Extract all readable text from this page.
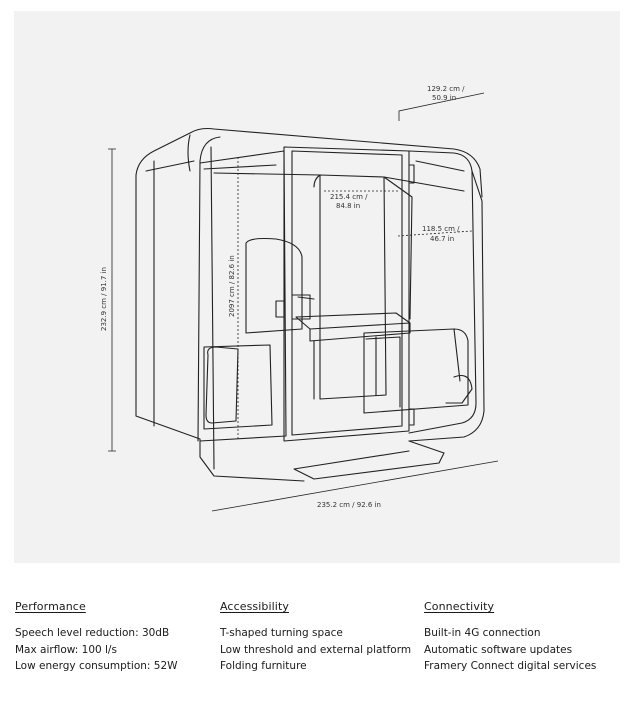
129.2 cm /
50.9 in
215.4 cm /
84.8 in
118.5 cm /
46.7 in
2097 cm / 82.6 in
232.9 cm / 91.7 in
235.2 cm / 92.6 in
Performance
Speech level reduction: 30dB
Max airflow: 100 l/s
Low energy consumption: 52W
Accessibility
T-shaped turning space
Low threshold and external platform
Folding furniture
Connectivity
Built-in 4G connection
Automatic software updates
Framery Connect digital services
